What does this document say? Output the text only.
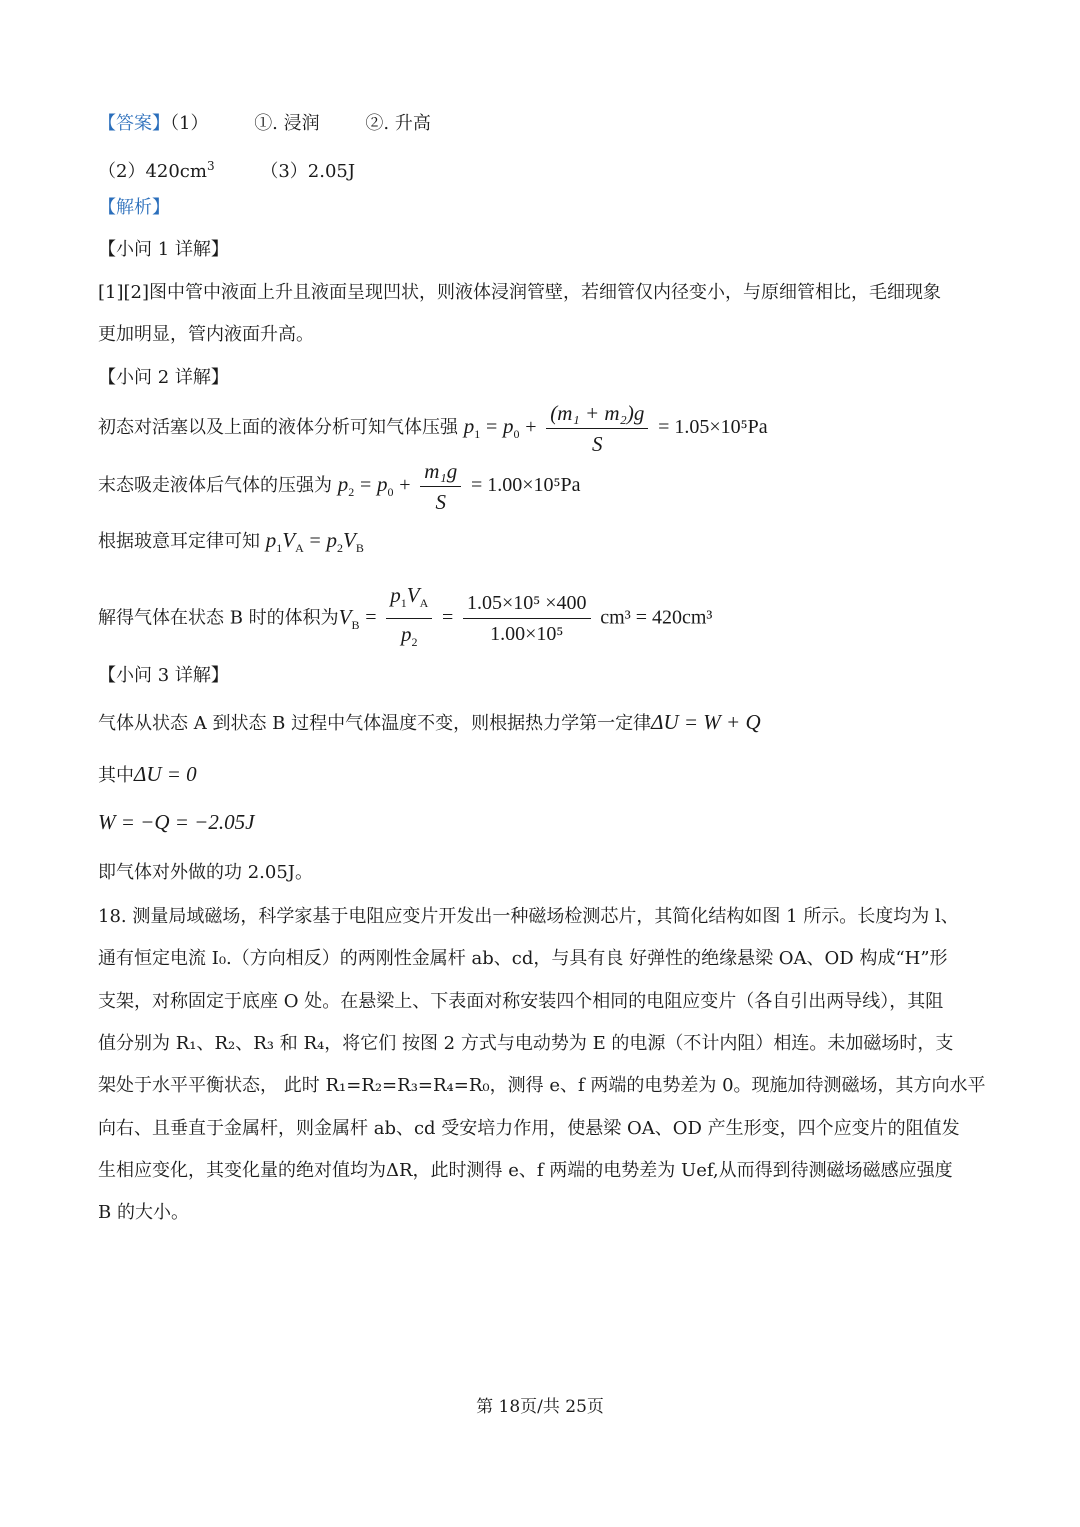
【答案】（1）	①. 浸润	②. 升高
$(2)420cm^3$	（3）2.05J
【解析】
【小问 1 详解】
[1][2]图中管中液面上升且液面呈现凹状，则液体浸润管壁，若细管仅内径变小，与原细管相比，毛细现象
更加明显，管内液面升高。
【小问 2 详解】
初态对活塞以及上面的液体分析可知气体压强 $p_1 = p_0 + \frac{\text{(m₁ + m₂)g}}{S} = 1.05\times 10^5Pa$
末态吸走液体后气体的压强为 $p_2 = p_0 + \frac{\text{m₁g}}{S} = 1.00\times 10^5Pa$
根据玻意耳定律可知 $p_1V_A = p_2V_B$
解得气体在状态 B 时的体积为$V_B = \frac{p_1V_A}{p_2} = \frac{\text{1.05×10⁵ ×400}}{\text{1.00×10⁵}} cm^3 = 420cm^3$
【小问 3 详解】
气体从状态 A 到状态 B 过程中气体温度不变，则根据热力学第一定律ΔU = W + Q
其中ΔU = 0
W = −Q = −2.05J
即气体对外做的功 2.05J。
18. 测量局域磁场，科学家基于电阻应变片开发出一种磁场检测芯片，其简化结构如图 1 所示。长度均为 l、
通有恒定电流 I₀.（方向相反）的两刚性金属杆 ab、cd，与具有良 好弹性的绝缘悬梁 OA、OD 构成“H”形
支架，对称固定于底座 O 处。在悬梁上、下表面对称安装四个相同的电阻应变片（各自引出两导线），其阻
值分别为 R₁、R₂、R₃ 和 R₄，将它们 按图 2 方式与电动势为 E 的电源（不计内阻）相连。未加磁场时，支
架处于水平平衡状态， 此时 R₁=R₂=R₃=R₄=R₀，测得 e、f 两端的电势差为 0。现施加待测磁场，其方向水平
向右、且垂直于金属杆，则金属杆 ab、cd 受安培力作用，使悬梁 OA、OD 产生形变，四个应变片的阻值发
生相应变化，其变化量的绝对值均为ΔR，此时测得 e、f 两端的电势差为 Uef,从而得到待测磁场磁感应强度
B 的大小。
第 18页/共 25页
